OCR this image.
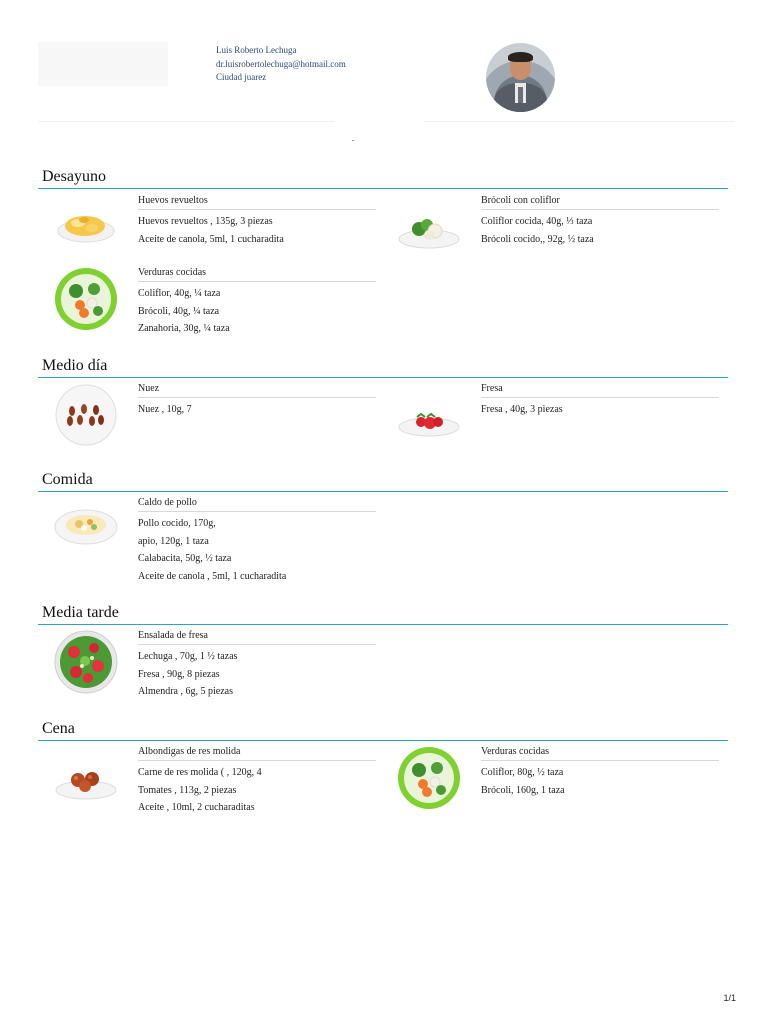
Luis Roberto Lechuga
dr.luisrobertolechuga@hotmail.com
Ciudad juarez
Desayuno
Huevos revueltos
Huevos revueltos , 135g, 3 piezas
Aceite de canola, 5ml, 1 cucharadita
Brócoli con coliflor
Coliflor cocida, 40g, ⅓ taza
Brócoli cocido,, 92g, ½ taza
Verduras cocidas
Coliflor, 40g, ¼ taza
Brócoli, 40g, ¼ taza
Zanahoria, 30g, ¼ taza
Medio día
Nuez
Nuez , 10g, 7
Fresa
Fresa , 40g, 3 piezas
Comida
Caldo de pollo
Pollo cocido, 170g,
apio, 120g, 1 taza
Calabacita, 50g, ½ taza
Aceite de canola , 5ml, 1 cucharadita
Media tarde
Ensalada de fresa
Lechuga , 70g, 1 ½ tazas
Fresa , 90g, 8 piezas
Almendra , 6g, 5 piezas
Cena
Albondigas de res molida
Carne de res molida ( , 120g, 4
Tomates , 113g, 2 piezas
Aceite , 10ml, 2 cucharaditas
Verduras cocidas
Coliflor, 80g, ½ taza
Brócoli, 160g, 1 taza
1/1
